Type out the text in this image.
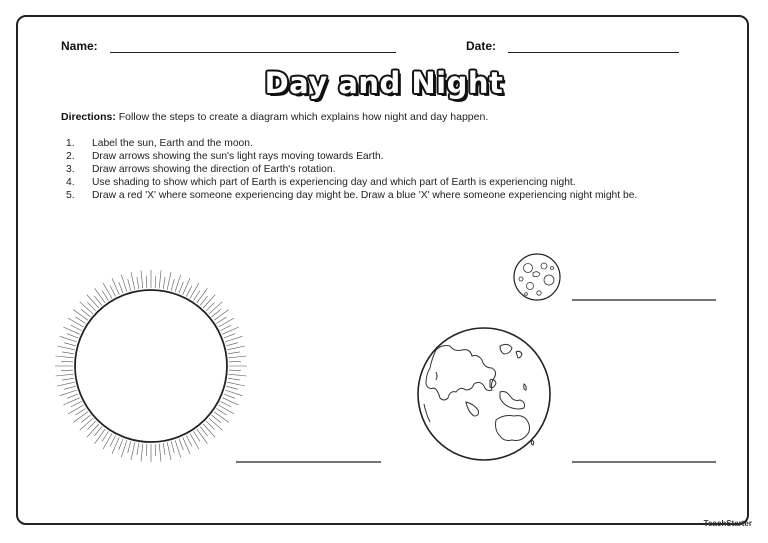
Name:	Date:
Day and Night
Directions: Follow the steps to create a diagram which explains how night and day happen.
1. Label the sun, Earth and the moon.
2. Draw arrows showing the sun's light rays moving towards Earth.
3. Draw arrows showing the direction of Earth's rotation.
4. Use shading to show which part of Earth is experiencing day and which part of Earth is experiencing night.
5. Draw a red 'X' where someone experiencing day might be. Draw a blue 'X' where someone experiencing night might be.
TeachStarter
